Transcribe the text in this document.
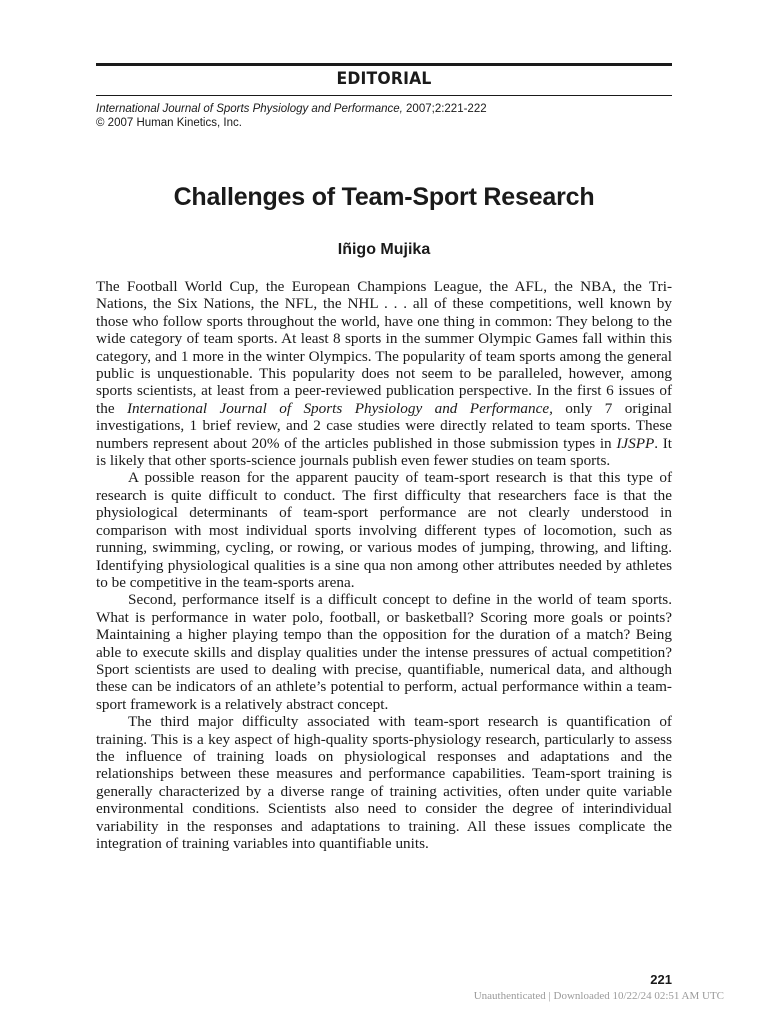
EDITORIAL
International Journal of Sports Physiology and Performance, 2007;2:221-222
© 2007 Human Kinetics, Inc.
Challenges of Team-Sport Research
Iñigo Mujika

The Football World Cup, the European Champions League, the AFL, the NBA, the Tri-Nations, the Six Nations, the NFL, the NHL . . . all of these competitions, well known by those who follow sports throughout the world, have one thing in common: They belong to the wide category of team sports. At least 8 sports in the summer Olympic Games fall within this category, and 1 more in the winter Olympics. The popularity of team sports among the general public is unquestionable. This popularity does not seem to be paralleled, however, among sports scientists, at least from a peer-reviewed publication perspective. In the first 6 issues of the International Journal of Sports Physiology and Performance, only 7 original investigations, 1 brief review, and 2 case studies were directly related to team sports. These numbers represent about 20% of the articles published in those submission types in IJSPP. It is likely that other sports-science journals publish even fewer studies on team sports.

A possible reason for the apparent paucity of team-sport research is that this type of research is quite difficult to conduct. The first difficulty that researchers face is that the physiological determinants of team-sport performance are not clearly understood in comparison with most individual sports involving different types of locomotion, such as running, swimming, cycling, or rowing, or various modes of jumping, throwing, and lifting. Identifying physiological qualities is a sine qua non among other attributes needed by athletes to be competitive in the team-sports arena.

Second, performance itself is a difficult concept to define in the world of team sports. What is performance in water polo, football, or basketball? Scoring more goals or points? Maintaining a higher playing tempo than the opposition for the duration of a match? Being able to execute skills and display qualities under the intense pressures of actual competition? Sport scientists are used to dealing with precise, quantifiable, numerical data, and although these can be indicators of an athlete’s potential to perform, actual performance within a team-sport framework is a relatively abstract concept.

The third major difficulty associated with team-sport research is quantification of training. This is a key aspect of high-quality sports-physiology research, particularly to assess the influence of training loads on physiological responses and adaptations and the relationships between these measures and performance capabilities. Team-sport training is generally characterized by a diverse range of training activities, often under quite variable environmental conditions. Scientists also need to consider the degree of interindividual variability in the responses and adaptations to training. All these issues complicate the integration of training variables into quantifiable units.

221
Unauthenticated | Downloaded 10/22/24 02:51 AM UTC
